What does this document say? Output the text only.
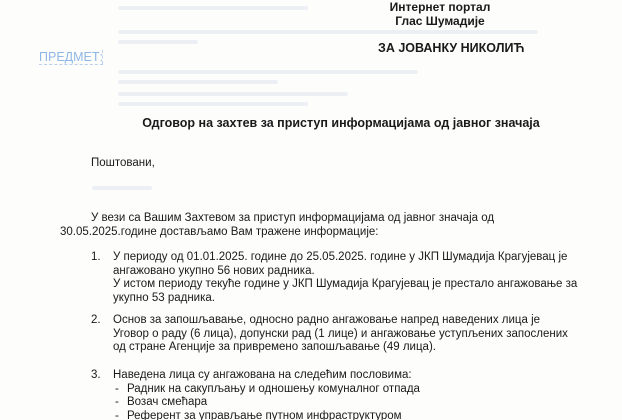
Интернет портал
Глас Шумадије
ЗА ЈОВАНКУ НИКОЛИЋ
ПРЕДМЕТ:
Одговор на захтев за приступ информацијама од јавног значаја
Поштовани,
У вези са Вашим Захтевом за приступ информацијама од јавног значаја од
30.05.2025.године достављамо Вам тражене информације:
1. У периоду од 01.01.2025. године до 25.05.2025. године у ЈКП Шумадија Крагујевац је
ангажовано укупно 56 нових радника.
У истом периоду текуће године у ЈКП Шумадија Крагујевац је престало ангажовање за
укупно 53 радника.
2. Основ за запошљавање, односно радно ангажовање напред наведених лица је
Уговор о раду (6 лица), допунски рад (1 лице) и ангажовање уступљених запослених
од стране Агенције за привремено запошљавање (49 лица).
3. Наведена лица су ангажована на следећим пословима:
- Радник на сакупљању и одношењу комуналног отпада
- Возач смећара
- Референт за управљање путном инфраструктуром
